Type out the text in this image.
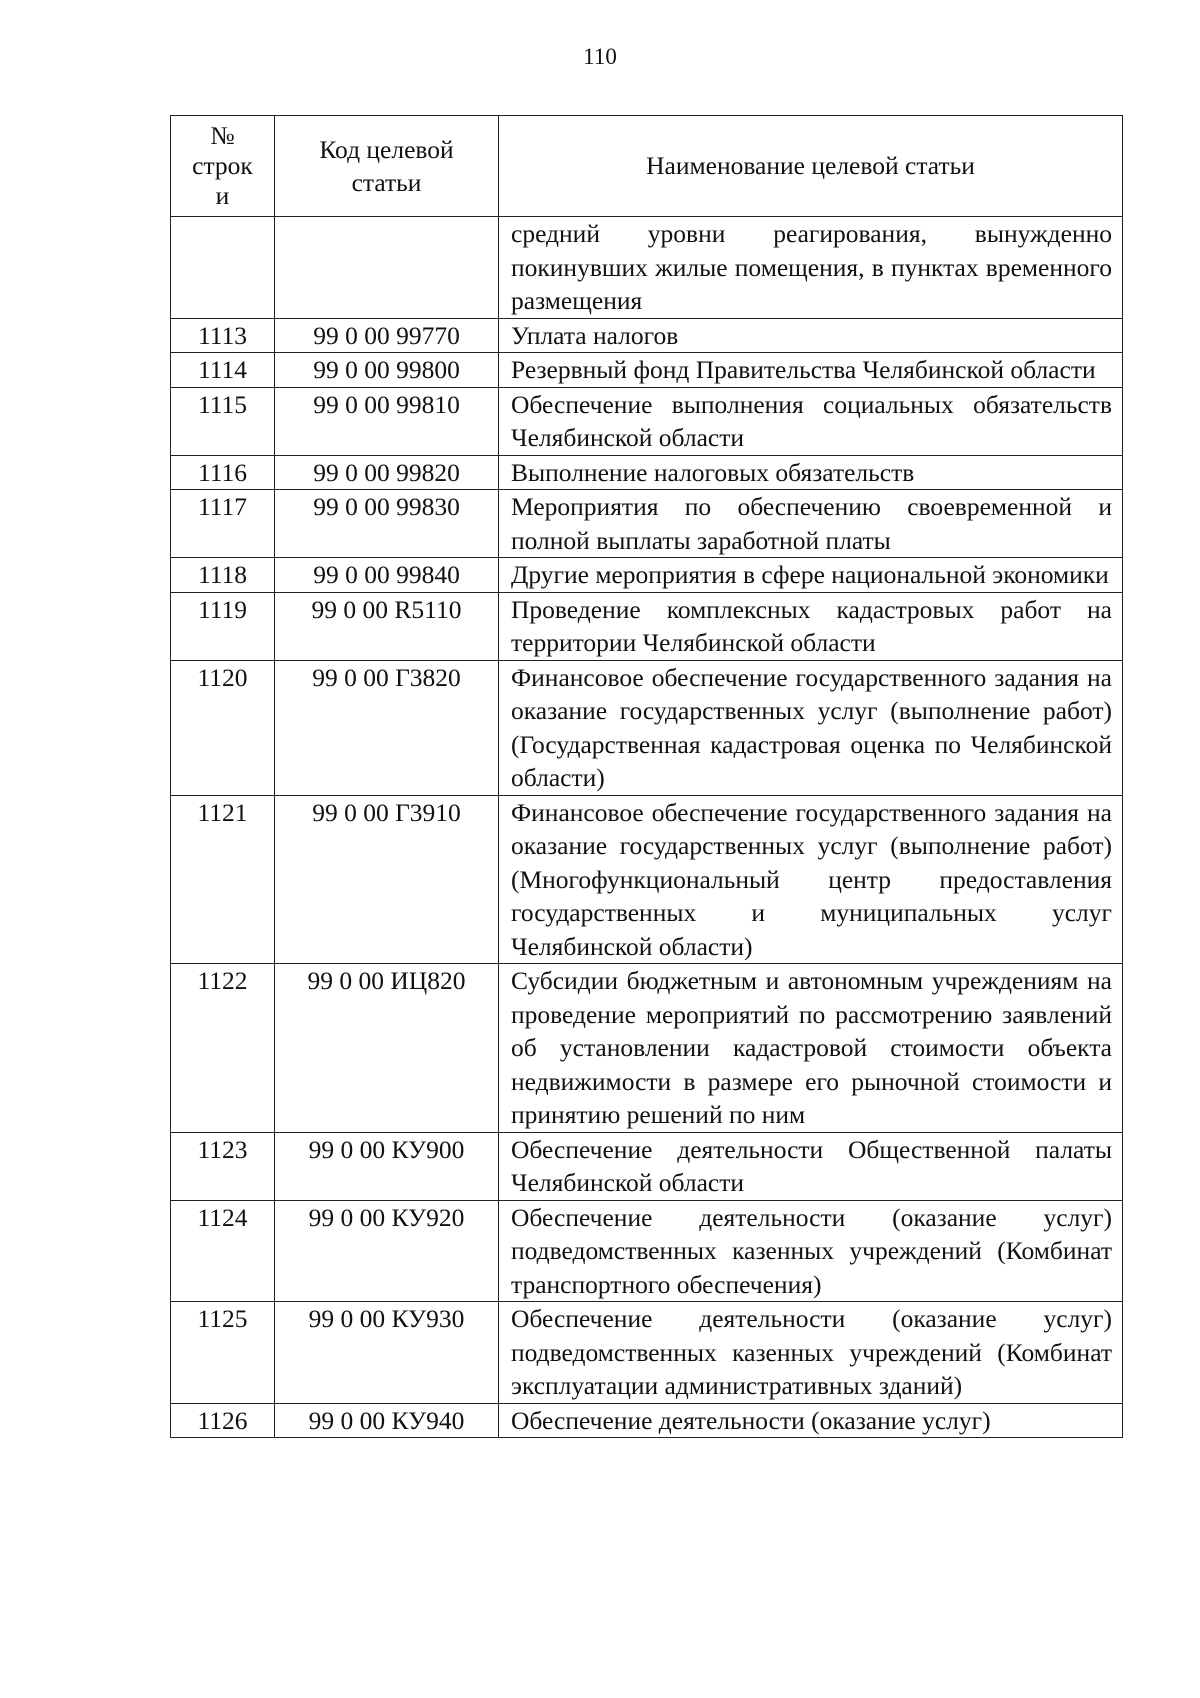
110
№ строк и	Код целевой статьи	Наименование целевой статьи

		средний уровни реагирования, вынужденно покинувших жилые помещения, в пунктах временного размещения

1113	99 0 00 99770	Уплата налогов

1114	99 0 00 99800	Резервный фонд Правительства Челябинской области

1115	99 0 00 99810	Обеспечение выполнения социальных обязательств Челябинской области

1116	99 0 00 99820	Выполнение налоговых обязательств

1117	99 0 00 99830	Мероприятия по обеспечению своевременной и полной выплаты заработной платы

1118	99 0 00 99840	Другие мероприятия в сфере национальной экономики

1119	99 0 00 R5110	Проведение комплексных кадастровых работ на территории Челябинской области

1120	99 0 00 Г3820	Финансовое обеспечение государственного задания на оказание государственных услуг (выполнение работ) (Государственная кадастровая оценка по Челябинской области)

1121	99 0 00 Г3910	Финансовое обеспечение государственного задания на оказание государственных услуг (выполнение работ) (Многофункциональный центр предоставления государственных и муниципальных услуг Челябинской области)

1122	99 0 00 ИЦ820	Субсидии бюджетным и автономным учреждениям на проведение мероприятий по рассмотрению заявлений об установлении кадастровой стоимости объекта недвижимости в размере его рыночной стоимости и принятию решений по ним

1123	99 0 00 КУ900	Обеспечение деятельности Общественной палаты Челябинской области

1124	99 0 00 КУ920	Обеспечение деятельности (оказание услуг) подведомственных казенных учреждений (Комбинат транспортного обеспечения)

1125	99 0 00 КУ930	Обеспечение деятельности (оказание услуг) подведомственных казенных учреждений (Комбинат эксплуатации административных зданий)

1126	99 0 00 КУ940	Обеспечение деятельности (оказание услуг)
